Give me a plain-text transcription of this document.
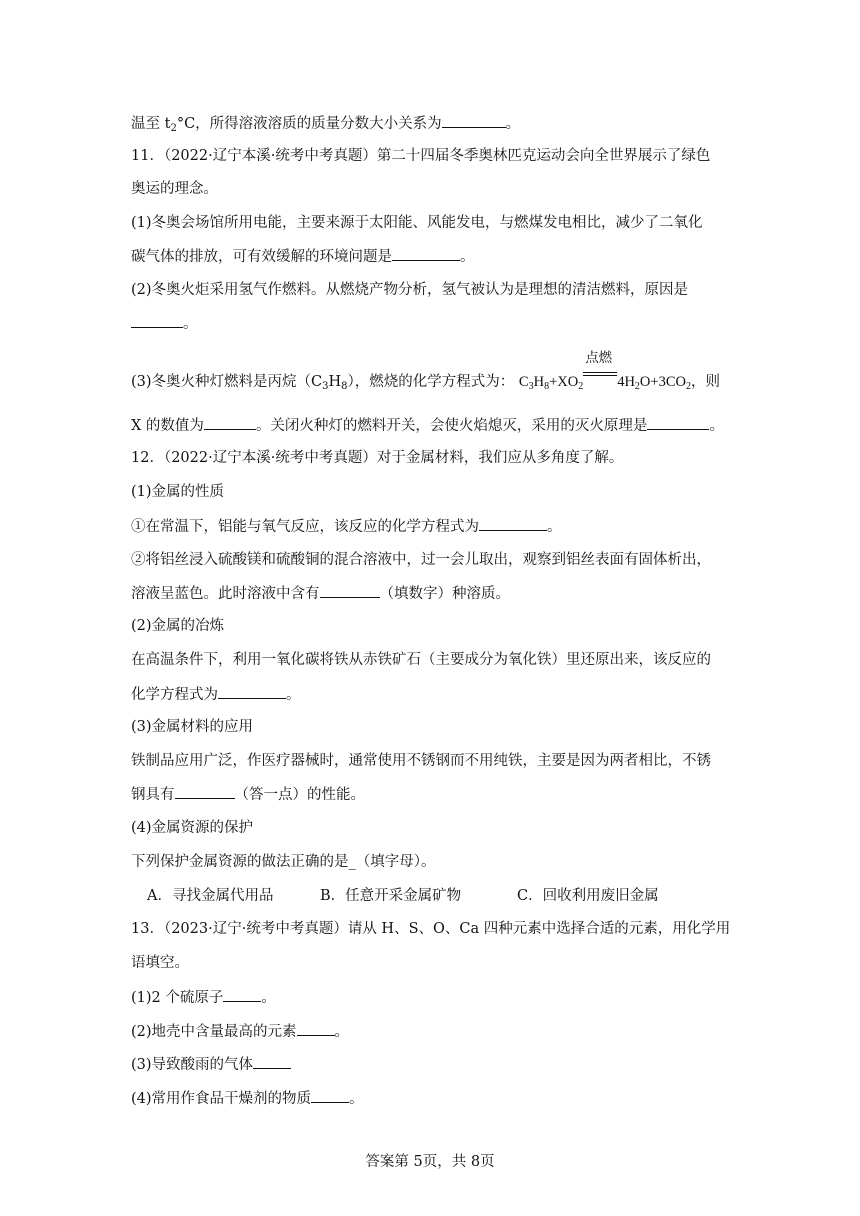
温至 $t_2^\circ C$，所得溶液溶质的质量分数大小关系为	。
11．（2022·辽宁本溪·统考中考真题）第二十四届冬季奥林匹克运动会向全世界展示了绿色
奥运的理念。
(1)冬奥会场馆所用电能，主要来源于太阳能、风能发电，与燃煤发电相比，减少了二氧化
碳气体的排放，可有效缓解的环境问题是	。
(2)冬奥火炬采用氢气作燃料。从燃烧产物分析，氢气被认为是理想的清洁燃料，原因是
。
(3)冬奥火种灯燃料是丙烷$(C_3H_8)$，燃烧的化学方程式为： $C_3H_8+XO_2$
点燃
$4H_2O+3CO_2$，则
X 的数值为	。关闭火种灯的燃料开关，会使火焰熄灭，采用的灭火原理是	。
12．（2022·辽宁本溪·统考中考真题）对于金属材料，我们应从多角度了解。
(1)金属的性质
①在常温下，铝能与氧气反应，该反应的化学方程式为	。
②将铝丝浸入硫酸镁和硫酸铜的混合溶液中，过一会儿取出，观察到铝丝表面有固体析出，
溶液呈蓝色。此时溶液中含有	（填数字）种溶质。
(2)金属的冶炼
在高温条件下，利用一氧化碳将铁从赤铁矿石（主要成分为氧化铁）里还原出来，该反应的
化学方程式为	。
(3)金属材料的应用
铁制品应用广泛，作医疗器械时，通常使用不锈钢而不用纯铁，主要是因为两者相比，不锈
钢具有	（答一点）的性能。
(4)金属资源的保护
下列保护金属资源的做法正确的是_（填字母）。
A．寻找金属代用品	B．任意开采金属矿物	C．回收利用废旧金属
13．（2023·辽宁·统考中考真题）请从 H、S、O、Ca 四种元素中选择合适的元素，用化学用
语填空。
(1)2 个硫原子	。
(2)地壳中含量最高的元素	。
(3)导致酸雨的气体
(4)常用作食品干燥剂的物质	。
答案第 5页，共 8页
